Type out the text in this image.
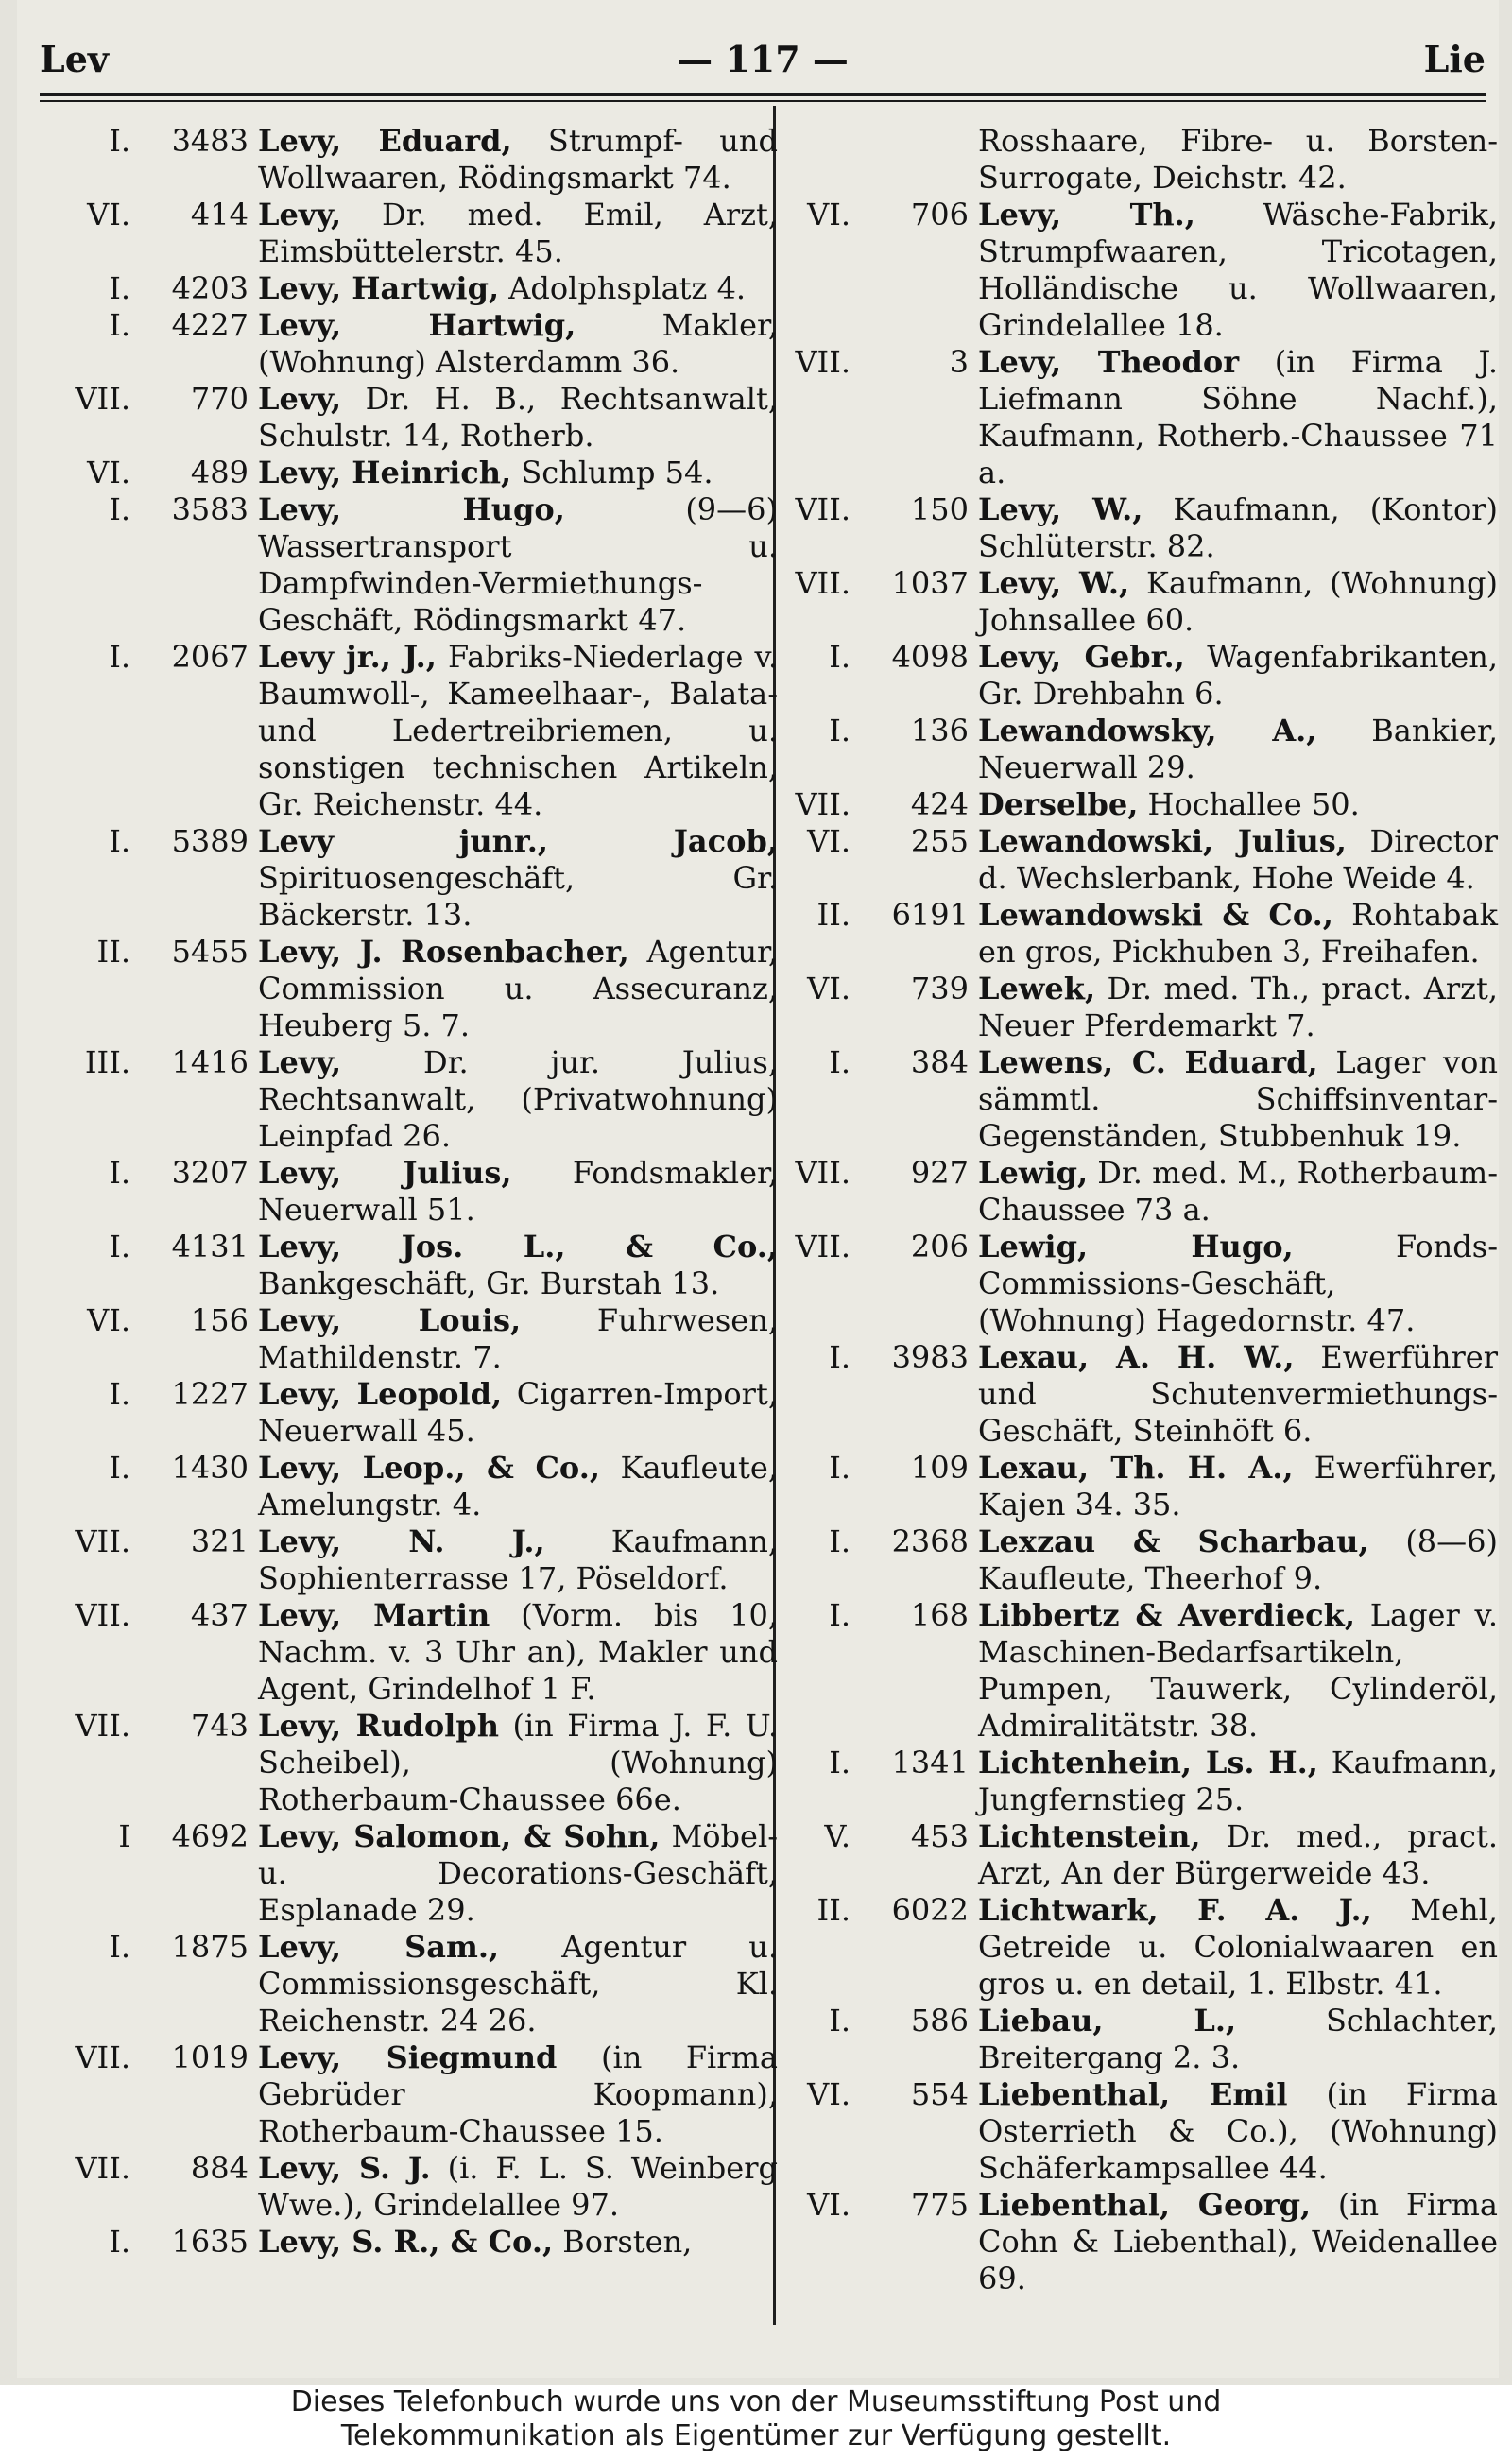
Lev	— 117 —	Lie
I.	3483 Levy, Eduard, Strumpf- und Wollwaaren, Rödingsmarkt 74.
VI.	414 Levy, Dr. med. Emil, Arzt, Eimsbüttelerstr. 45.
I.	4203 Levy, Hartwig, Adolphsplatz 4.
I.	4227 Levy, Hartwig, Makler, (Wohnung) Alsterdamm 36.
VII.	770 Levy, Dr. H. B., Rechtsanwalt, Schulstr. 14, Rotherb.
VI.	489 Levy, Heinrich, Schlump 54.
I.	3583 Levy, Hugo, (9—6) Wassertransport u. Dampfwinden-Vermiethungs-Geschäft, Rödingsmarkt 47.
I.	2067 Levy jr., J., Fabriks-Niederlage v. Baumwoll-, Kameelhaar-, Balata- und Ledertreibriemen, u. sonstigen technischen Artikeln, Gr. Reichenstr. 44.
I.	5389 Levy junr., Jacob, Spirituosengeschäft, Gr. Bäckerstr. 13.
II.	5455 Levy, J. Rosenbacher, Agentur, Commission u. Assecuranz, Heuberg 5. 7.
III.	1416 Levy, Dr. jur. Julius, Rechtsanwalt, (Privatwohnung) Leinpfad 26.
I.	3207 Levy, Julius, Fondsmakler, Neuerwall 51.
I.	4131 Levy, Jos. L., & Co., Bankgeschäft, Gr. Burstah 13.
VI.	156 Levy, Louis, Fuhrwesen, Mathildenstr. 7.
I.	1227 Levy, Leopold, Cigarren-Import, Neuerwall 45.
I.	1430 Levy, Leop., & Co., Kaufleute, Amelungstr. 4.
VII.	321 Levy, N. J., Kaufmann, Sophienterrasse 17, Pöseldorf.
VII.	437 Levy, Martin (Vorm. bis 10, Nachm. v. 3 Uhr an), Makler und Agent, Grindelhof 1 F.
VII.	743 Levy, Rudolph (in Firma J. F. U. Scheibel), (Wohnung) Rotherbaum-Chaussee 66e.
I	4692 Levy, Salomon, & Sohn, Möbel- u. Decorations-Geschäft, Esplanade 29.
I.	1875 Levy, Sam., Agentur u. Commissionsgeschäft, Kl. Reichenstr. 24 26.
VII.	1019 Levy, Siegmund (in Firma Gebrüder Koopmann), Rotherbaum-Chaussee 15.
VII.	884 Levy, S. J. (i. F. L. S. Weinberg Wwe.), Grindelallee 97.
I.	1635 Levy, S. R., & Co., Borsten,
Rosshaare, Fibre- u. Borsten-Surrogate, Deichstr. 42.
VI.	706 Levy, Th., Wäsche-Fabrik, Strumpfwaaren, Tricotagen, Holländische u. Wollwaaren, Grindelallee 18.
VII.	3 Levy, Theodor (in Firma J. Liefmann Söhne Nachf.), Kaufmann, Rotherb.-Chaussee 71 a.
VII.	150 Levy, W., Kaufmann, (Kontor) Schlüterstr. 82.
VII.	1037 Levy, W., Kaufmann, (Wohnung) Johnsallee 60.
I.	4098 Levy, Gebr., Wagenfabrikanten, Gr. Drehbahn 6.
I.	136 Lewandowsky, A., Bankier, Neuerwall 29.
VII.	424 Derselbe, Hochallee 50.
VI.	255 Lewandowski, Julius, Director d. Wechslerbank, Hohe Weide 4.
II.	6191 Lewandowski & Co., Rohtabak en gros, Pickhuben 3, Freihafen.
VI.	739 Lewek, Dr. med. Th., pract. Arzt, Neuer Pferdemarkt 7.
I.	384 Lewens, C. Eduard, Lager von sämmtl. Schiffsinventar-Gegenständen, Stubbenhuk 19.
VII.	927 Lewig, Dr. med. M., Rotherbaum-Chaussee 73 a.
VII.	206 Lewig, Hugo, Fonds-Commissions-Geschäft, (Wohnung) Hagedornstr. 47.
I.	3983 Lexau, A. H. W., Ewerführer und Schutenvermiethungs-Geschäft, Steinhöft 6.
I.	109 Lexau, Th. H. A., Ewerführer, Kajen 34. 35.
I.	2368 Lexzau & Scharbau, (8—6) Kaufleute, Theerhof 9.
I.	168 Libbertz & Averdieck, Lager v. Maschinen-Bedarfsartikeln, Pumpen, Tauwerk, Cylinderöl, Admiralitätstr. 38.
I.	1341 Lichtenhein, Ls. H., Kaufmann, Jungfernstieg 25.
V.	453 Lichtenstein, Dr. med., pract. Arzt, An der Bürgerweide 43.
II.	6022 Lichtwark, F. A. J., Mehl, Getreide u. Colonialwaaren en gros u. en detail, 1. Elbstr. 41.
I.	586 Liebau, L., Schlachter, Breitergang 2. 3.
VI.	554 Liebenthal, Emil (in Firma Osterrieth & Co.), (Wohnung) Schäferkampsallee 44.
VI.	775 Liebenthal, Georg, (in Firma Cohn & Liebenthal), Weidenallee 69.
Dieses Telefonbuch wurde uns von der Museumsstiftung Post und
Telekommunikation als Eigentümer zur Verfügung gestellt.
